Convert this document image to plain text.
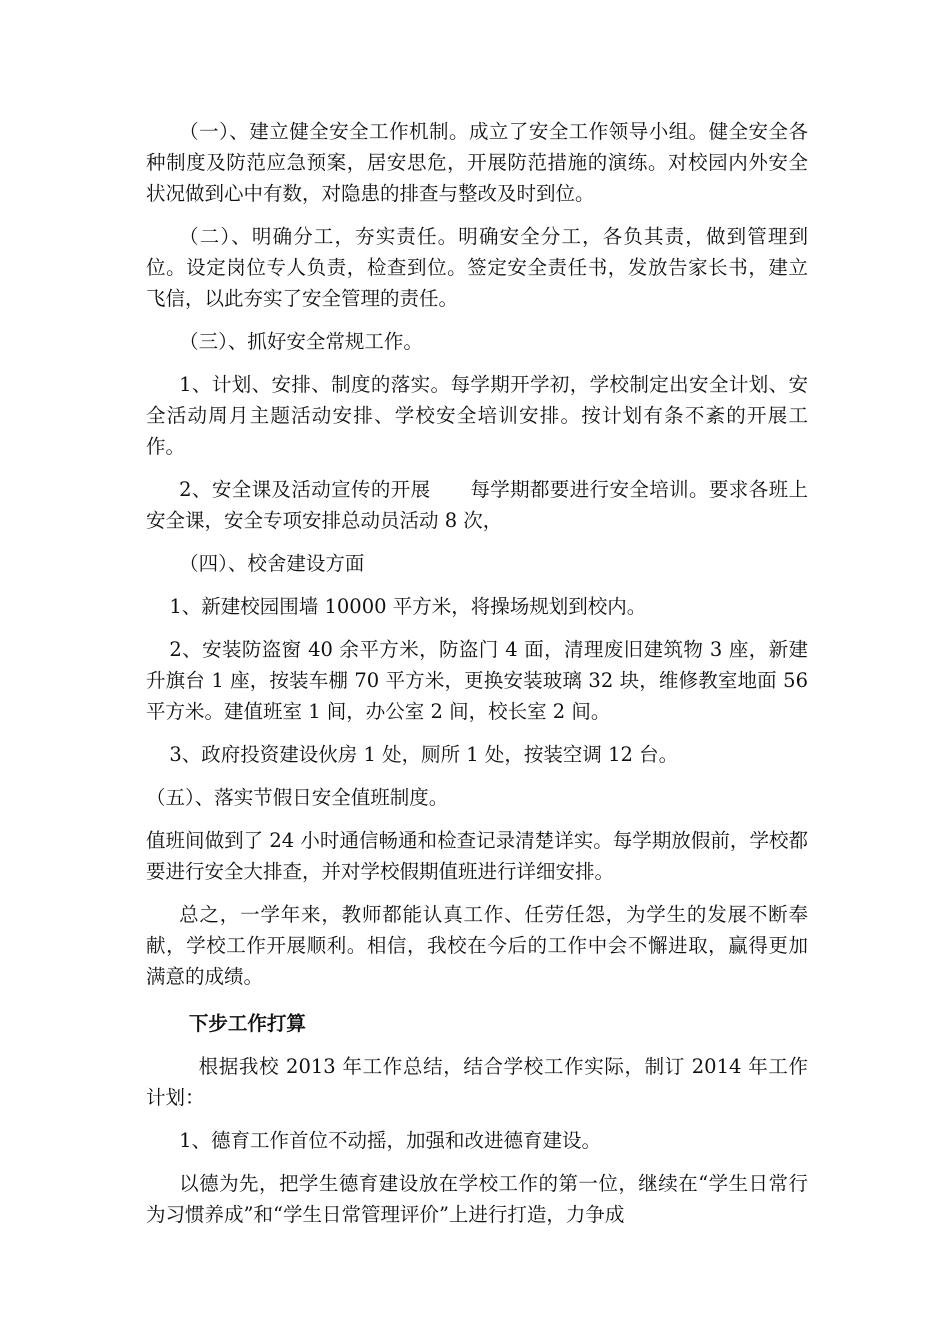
（一）、建立健全安全工作机制。成立了安全工作领导小组。健全安全各种制度及防范应急预案，居安思危，开展防范措施的演练。对校园内外安全状况做到心中有数，对隐患的排查与整改及时到位。

（二）、明确分工，夯实责任。明确安全分工，各负其责，做到管理到位。设定岗位专人负责，检查到位。签定安全责任书，发放告家长书，建立飞信，以此夯实了安全管理的责任。

（三）、抓好安全常规工作。

1、计划、安排、制度的落实。每学期开学初，学校制定出安全计划、安全活动周月主题活动安排、学校安全培训安排。按计划有条不紊的开展工作。

2、安全课及活动宣传的开展　　每学期都要进行安全培训。要求各班上安全课，安全专项安排总动员活动 8 次，

（四）、校舍建设方面

1、新建校园围墙 10000 平方米，将操场规划到校内。

2、安装防盗窗 40 余平方米，防盗门 4 面，清理废旧建筑物 3 座，新建升旗台 1 座，按装车棚 70 平方米，更换安装玻璃 32 块，维修教室地面 56 平方米。建值班室 1 间，办公室 2 间，校长室 2 间。

3、政府投资建设伙房 1 处，厕所 1 处，按装空调 12 台。

（五）、落实节假日安全值班制度。

值班间做到了 24 小时通信畅通和检查记录清楚详实。每学期放假前，学校都要进行安全大排查，并对学校假期值班进行详细安排。

总之，一学年来，教师都能认真工作、任劳任怨，为学生的发展不断奉献，学校工作开展顺利。相信，我校在今后的工作中会不懈进取，赢得更加满意的成绩。

下步工作打算

根据我校 2013 年工作总结，结合学校工作实际，制订 2014 年工作计划：

1、德育工作首位不动摇，加强和改进德育建设。

以德为先，把学生德育建设放在学校工作的第一位，继续在“学生日常行为习惯养成”和“学生日常管理评价”上进行打造，力争成
